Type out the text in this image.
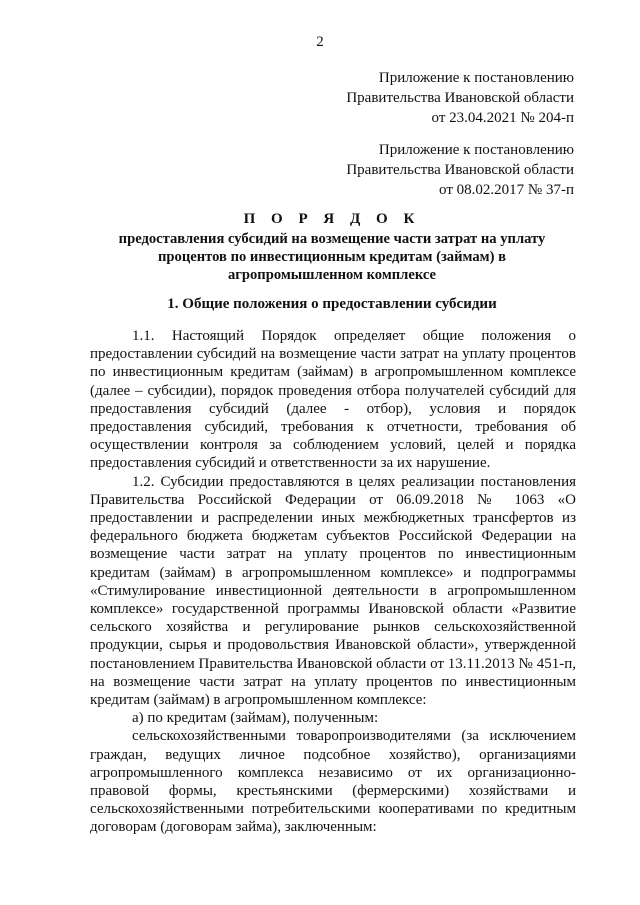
2
Приложение к постановлению
Правительства Ивановской области
от 23.04.2021 № 204-п
Приложение к постановлению
Правительства Ивановской области
от 08.02.2017 № 37-п
П О Р Я Д О К
предоставления субсидий на возмещение части затрат на уплату процентов по инвестиционным кредитам (займам) в агропромышленном комплексе
1. Общие положения о предоставлении субсидии

1.1. Настоящий Порядок определяет общие положения о предоставлении субсидий на возмещение части затрат на уплату процентов по инвестиционным кредитам (займам) в агропромышленном комплексе (далее – субсидии), порядок проведения отбора получателей субсидий для предоставления субсидий (далее - отбор), условия и порядок предоставления субсидий, требования к отчетности, требования об осуществлении контроля за соблюдением условий, целей и порядка предоставления субсидий и ответственности за их нарушение.

1.2. Субсидии предоставляются в целях реализации постановления Правительства Российской Федерации от 06.09.2018 № 1063 «О предоставлении и распределении иных межбюджетных трансфертов из федерального бюджета бюджетам субъектов Российской Федерации на возмещение части затрат на уплату процентов по инвестиционным кредитам (займам) в агропромышленном комплексе» и подпрограммы «Стимулирование инвестиционной деятельности в агропромышленном комплексе» государственной программы Ивановской области «Развитие сельского хозяйства и регулирование рынков сельскохозяйственной продукции, сырья и продовольствия Ивановской области», утвержденной постановлением Правительства Ивановской области от 13.11.2013 № 451-п, на возмещение части затрат на уплату процентов по инвестиционным кредитам (займам) в агропромышленном комплексе:

а) по кредитам (займам), полученным:

сельскохозяйственными товаропроизводителями (за исключением граждан, ведущих личное подсобное хозяйство), организациями агропромышленного комплекса независимо от их организационно-правовой формы, крестьянскими (фермерскими) хозяйствами и сельскохозяйственными потребительскими кооперативами по кредитным договорам (договорам займа), заключенным:
